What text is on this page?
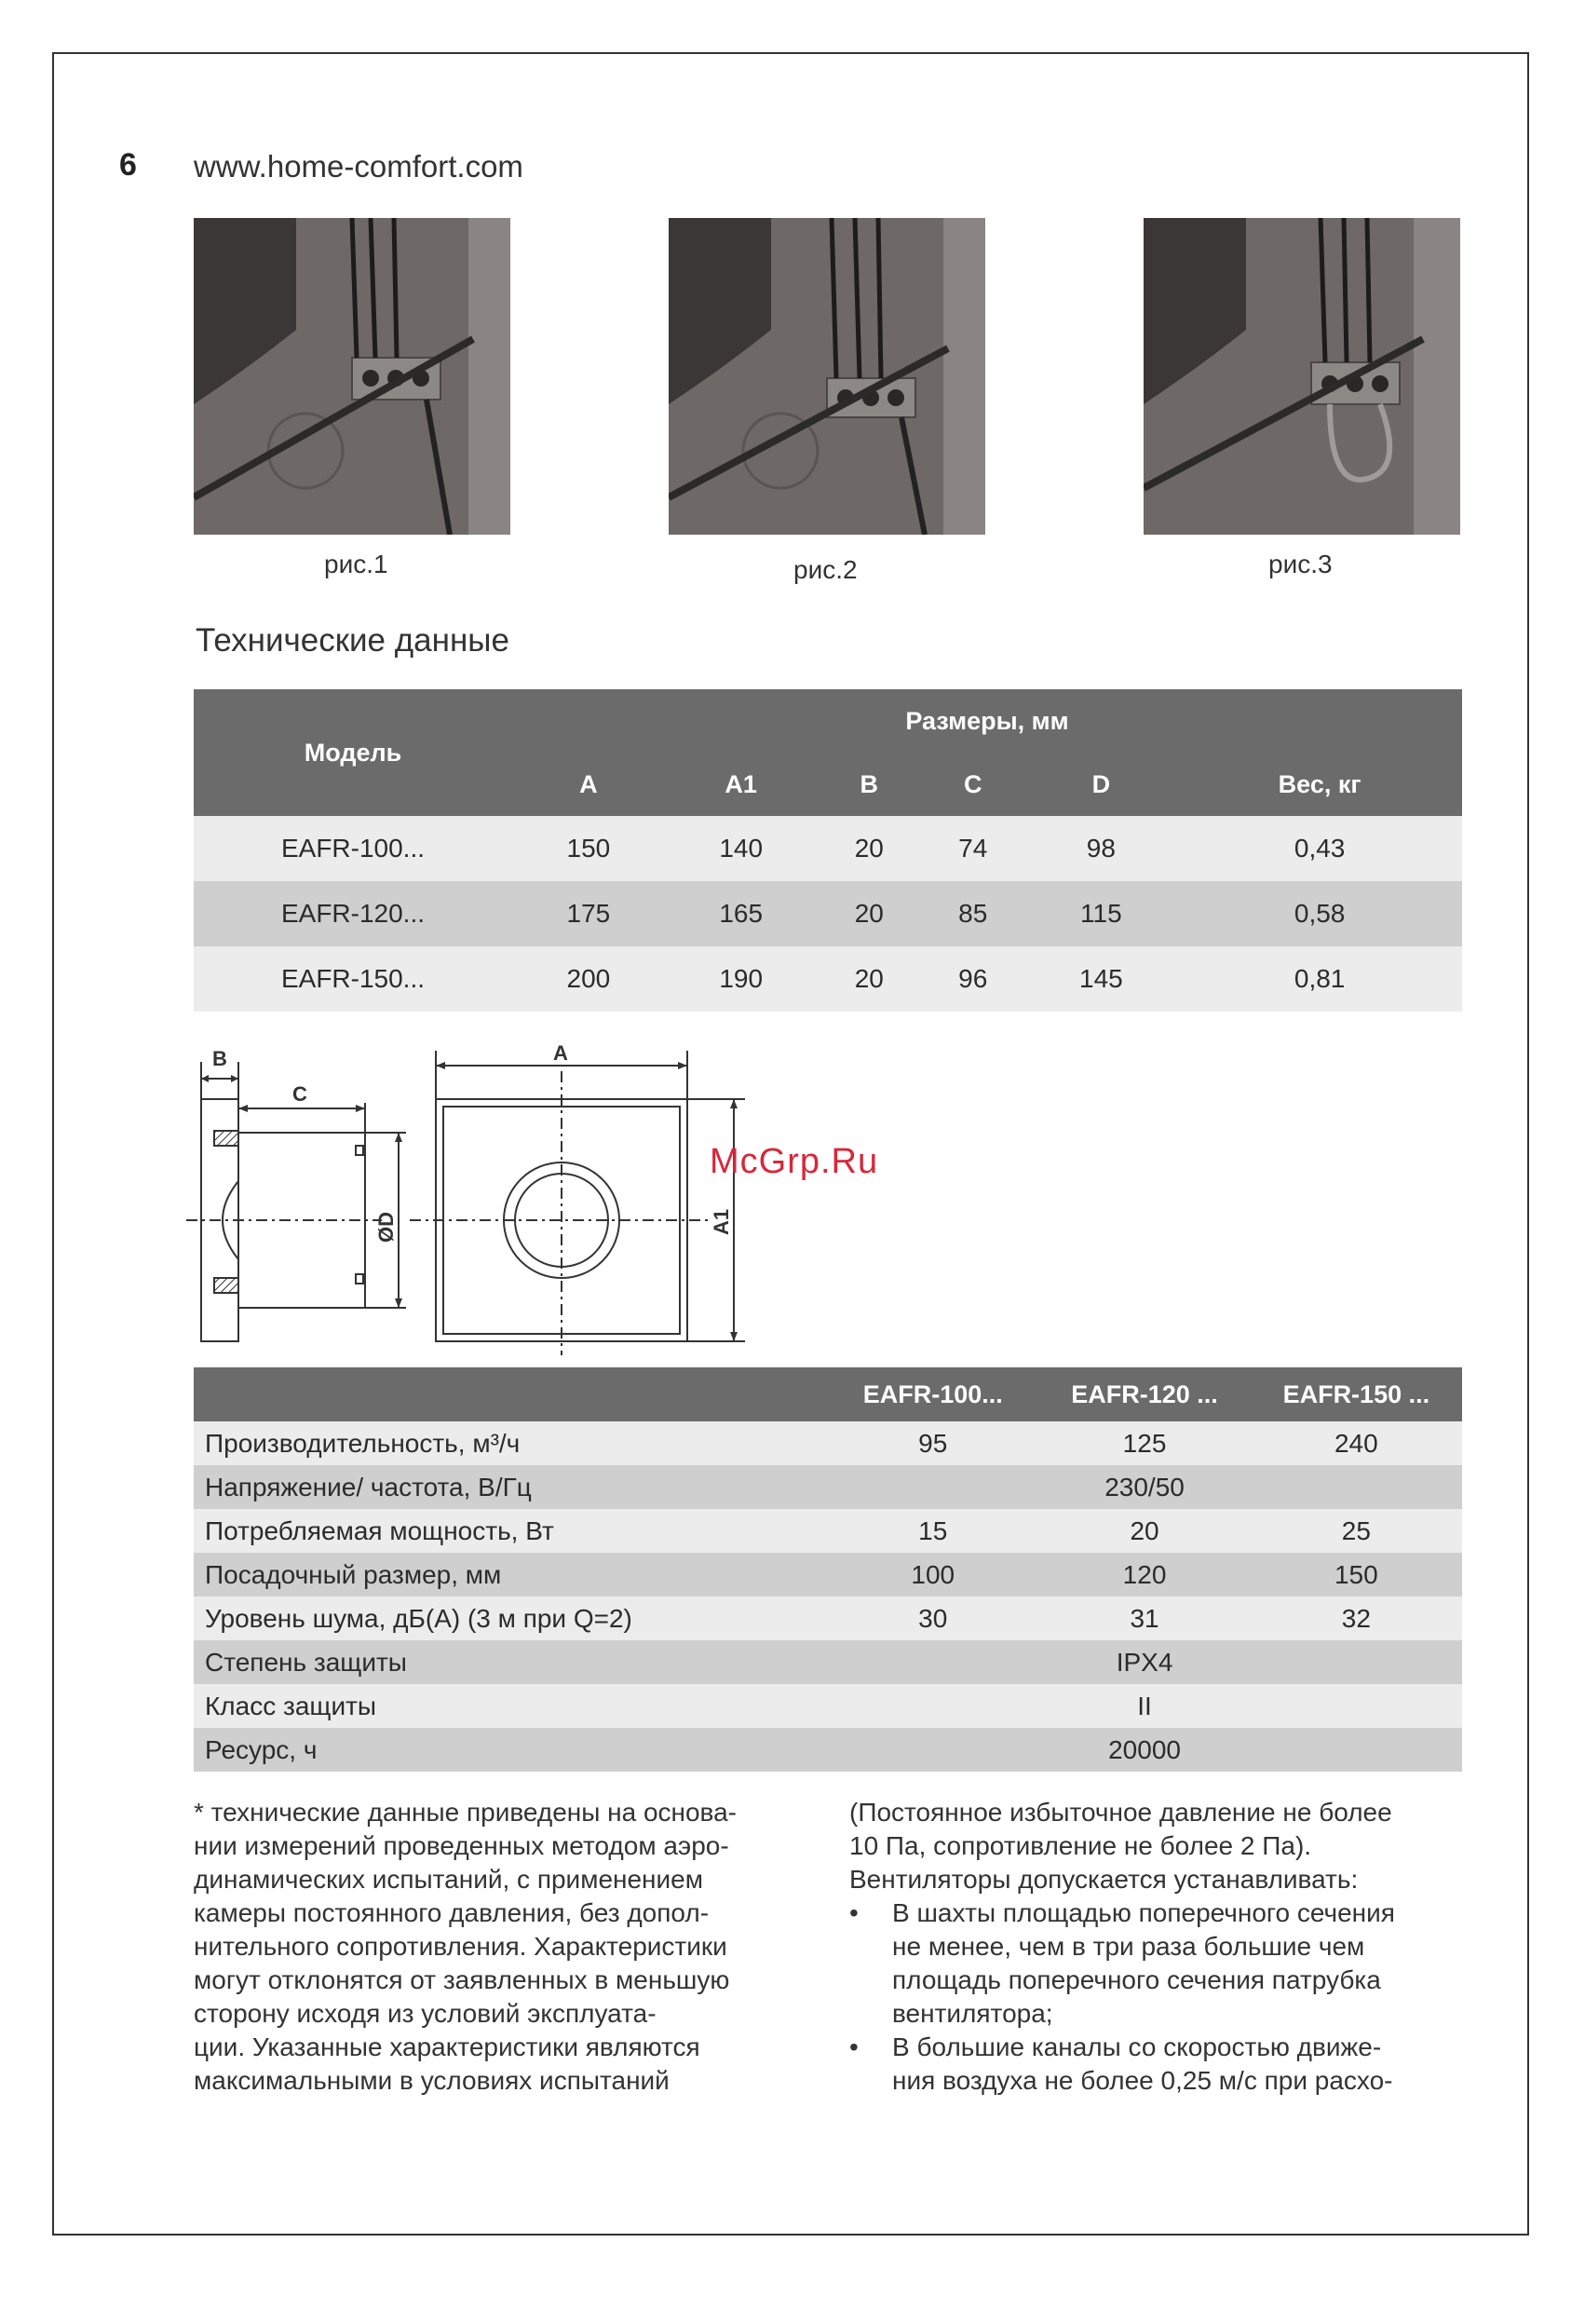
6 www.home-comfort.com
рис.1	рис.2	рис.3
Технические данные
Модель	Размеры, мм					
	A	A1	B	C	D	Вес, кг
EAFR-100...	150	140	20	74	98	0,43
EAFR-120...	175	165	20	85	115	0,58
EAFR-150...	200	190	20	96	145	0,81
B
C
A
ØD	A1
McGrp.Ru
	EAFR-100...	EAFR-120 ...	EAFR-150 ...
Производительность, м³/ч	95	125	240
Напряжение/ частота, В/Гц	230/50		
Потребляемая мощность, Вт	15	20	25
Посадочный размер, мм	100	120	150
Уровень шума, дБ(А) (3 м при Q=2)	30	31	32
Степень защиты	IPX4		
Класс защиты	II		
Ресурс, ч	20000		

* технические данные приведены на основа-

нии измерений проведенных методом аэро-

динамических испытаний, с применением

камеры постоянного давления, без допол-

нительного сопротивления. Характеристики

могут отклонятся от заявленных в меньшую

сторону исходя из условий эксплуата-

ции. Указанные характеристики являются

максимальными в условиях испытаний

(Постоянное избыточное давление не более

10 Па, сопротивление не более 2 Па).

Вентиляторы допускается устанавливать:

• В шахты площадью поперечного сечения
не менее, чем в три раза большие чем
площадь поперечного сечения патрубка
вентилятора;
• В большие каналы со скоростью движе-
ния воздуха не более 0,25 м/с при расхо-
